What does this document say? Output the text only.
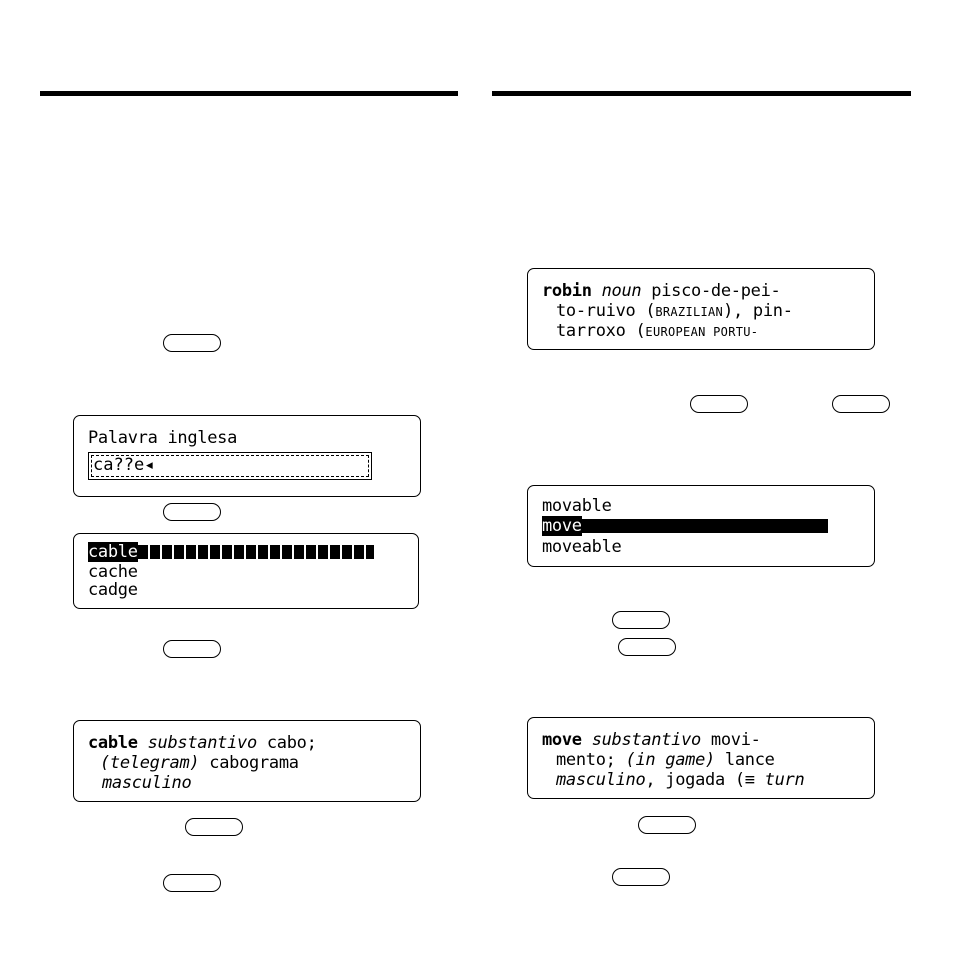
Palavra inglesa
ca??e◂
cable
cache
cadge
cable substantivo cabo;
(telegram) cabograma
masculino
robin noun pisco-de-pei-
to-ruivo (BRAZILIAN), pin-
tarroxo (EUROPEAN PORTU-
movable
move
moveable
move substantivo movi-
mento; (in game) lance
masculino, jogada (≡ turn
